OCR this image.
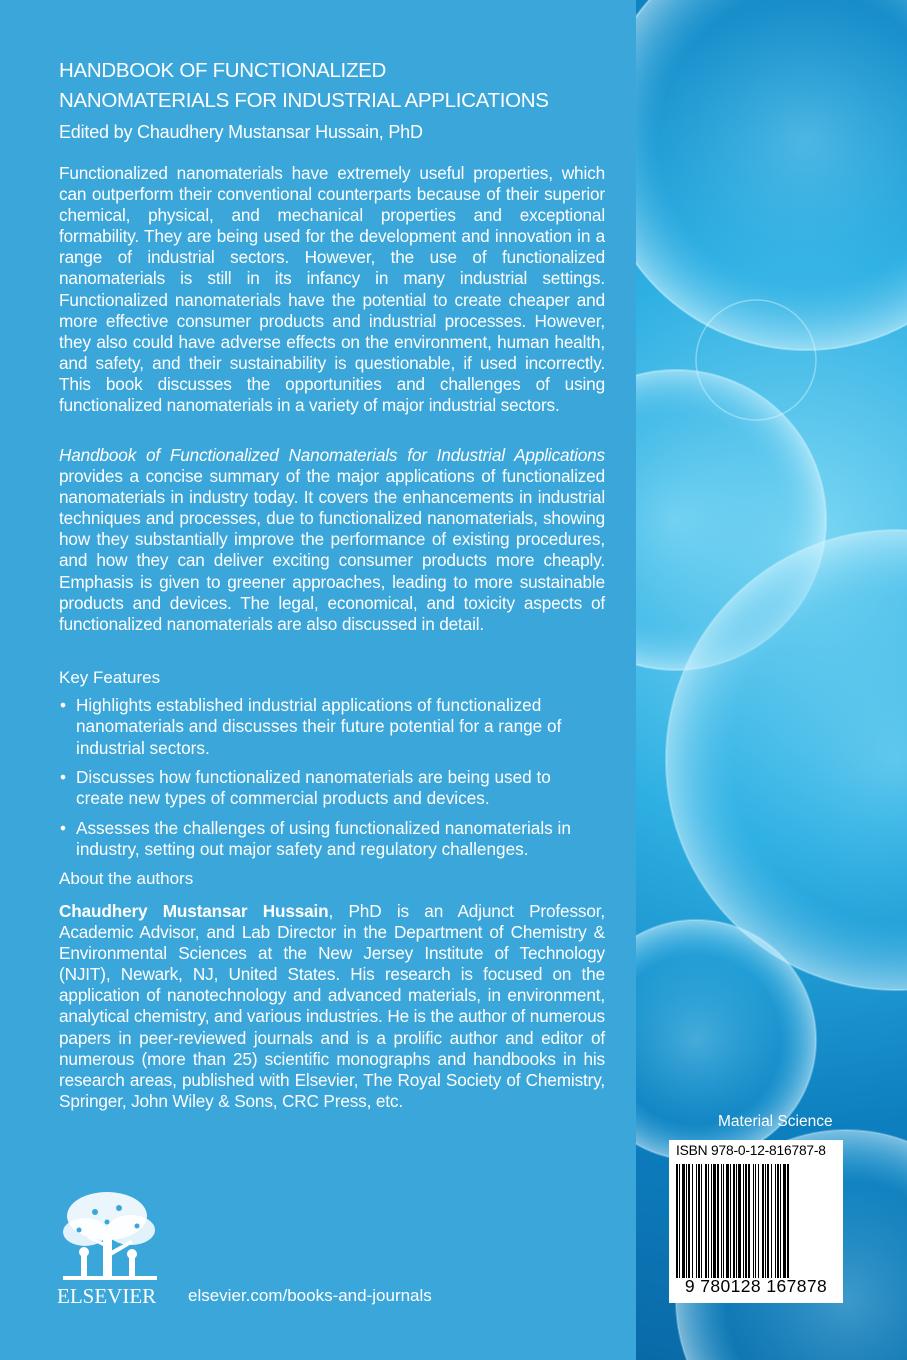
HANDBOOK OF FUNCTIONALIZED
NANOMATERIALS FOR INDUSTRIAL APPLICATIONS
Edited by Chaudhery Mustansar Hussain, PhD
Functionalized nanomaterials have extremely useful properties, which can outperform their conventional counterparts because of their superior chemical, physical, and mechanical properties and exceptional formability. They are being used for the development and innovation in a range of industrial sectors. However, the use of functionalized nanomaterials is still in its infancy in many industrial settings. Functionalized nanomaterials have the potential to create cheaper and more effective consumer products and industrial processes. However, they also could have adverse effects on the environment, human health, and safety, and their sustainability is questionable, if used incorrectly. This book discusses the opportunities and challenges of using functionalized nanomaterials in a variety of major industrial sectors.
Handbook of Functionalized Nanomaterials for Industrial Applications provides a concise summary of the major applications of functionalized nanomaterials in industry today. It covers the enhancements in industrial techniques and processes, due to functionalized nanomaterials, showing how they substantially improve the performance of existing procedures, and how they can deliver exciting consumer products more cheaply. Emphasis is given to greener approaches, leading to more sustainable products and devices. The legal, economical, and toxicity aspects of functionalized nanomaterials are also discussed in detail.
Key Features
• Highlights established industrial applications of functionalized nanomaterials and discusses their future potential for a range of industrial sectors.
• Discusses how functionalized nanomaterials are being used to create new types of commercial products and devices.
• Assesses the challenges of using functionalized nanomaterials in industry, setting out major safety and regulatory challenges.
About the authors
Chaudhery Mustansar Hussain, PhD is an Adjunct Professor, Academic Advisor, and Lab Director in the Department of Chemistry & Environmental Sciences at the New Jersey Institute of Technology (NJIT), Newark, NJ, United States. His research is focused on the application of nanotechnology and advanced materials, in environment, analytical chemistry, and various industries. He is the author of numerous papers in peer-reviewed journals and is a prolific author and editor of numerous (more than 25) scientific monographs and handbooks in his research areas, published with Elsevier, The Royal Society of Chemistry, Springer, John Wiley & Sons, CRC Press, etc.
ELSEVIER elsevier.com/books-and-journals
Material Science
ISBN 978-0-12-816787-8
9 780128 167878
